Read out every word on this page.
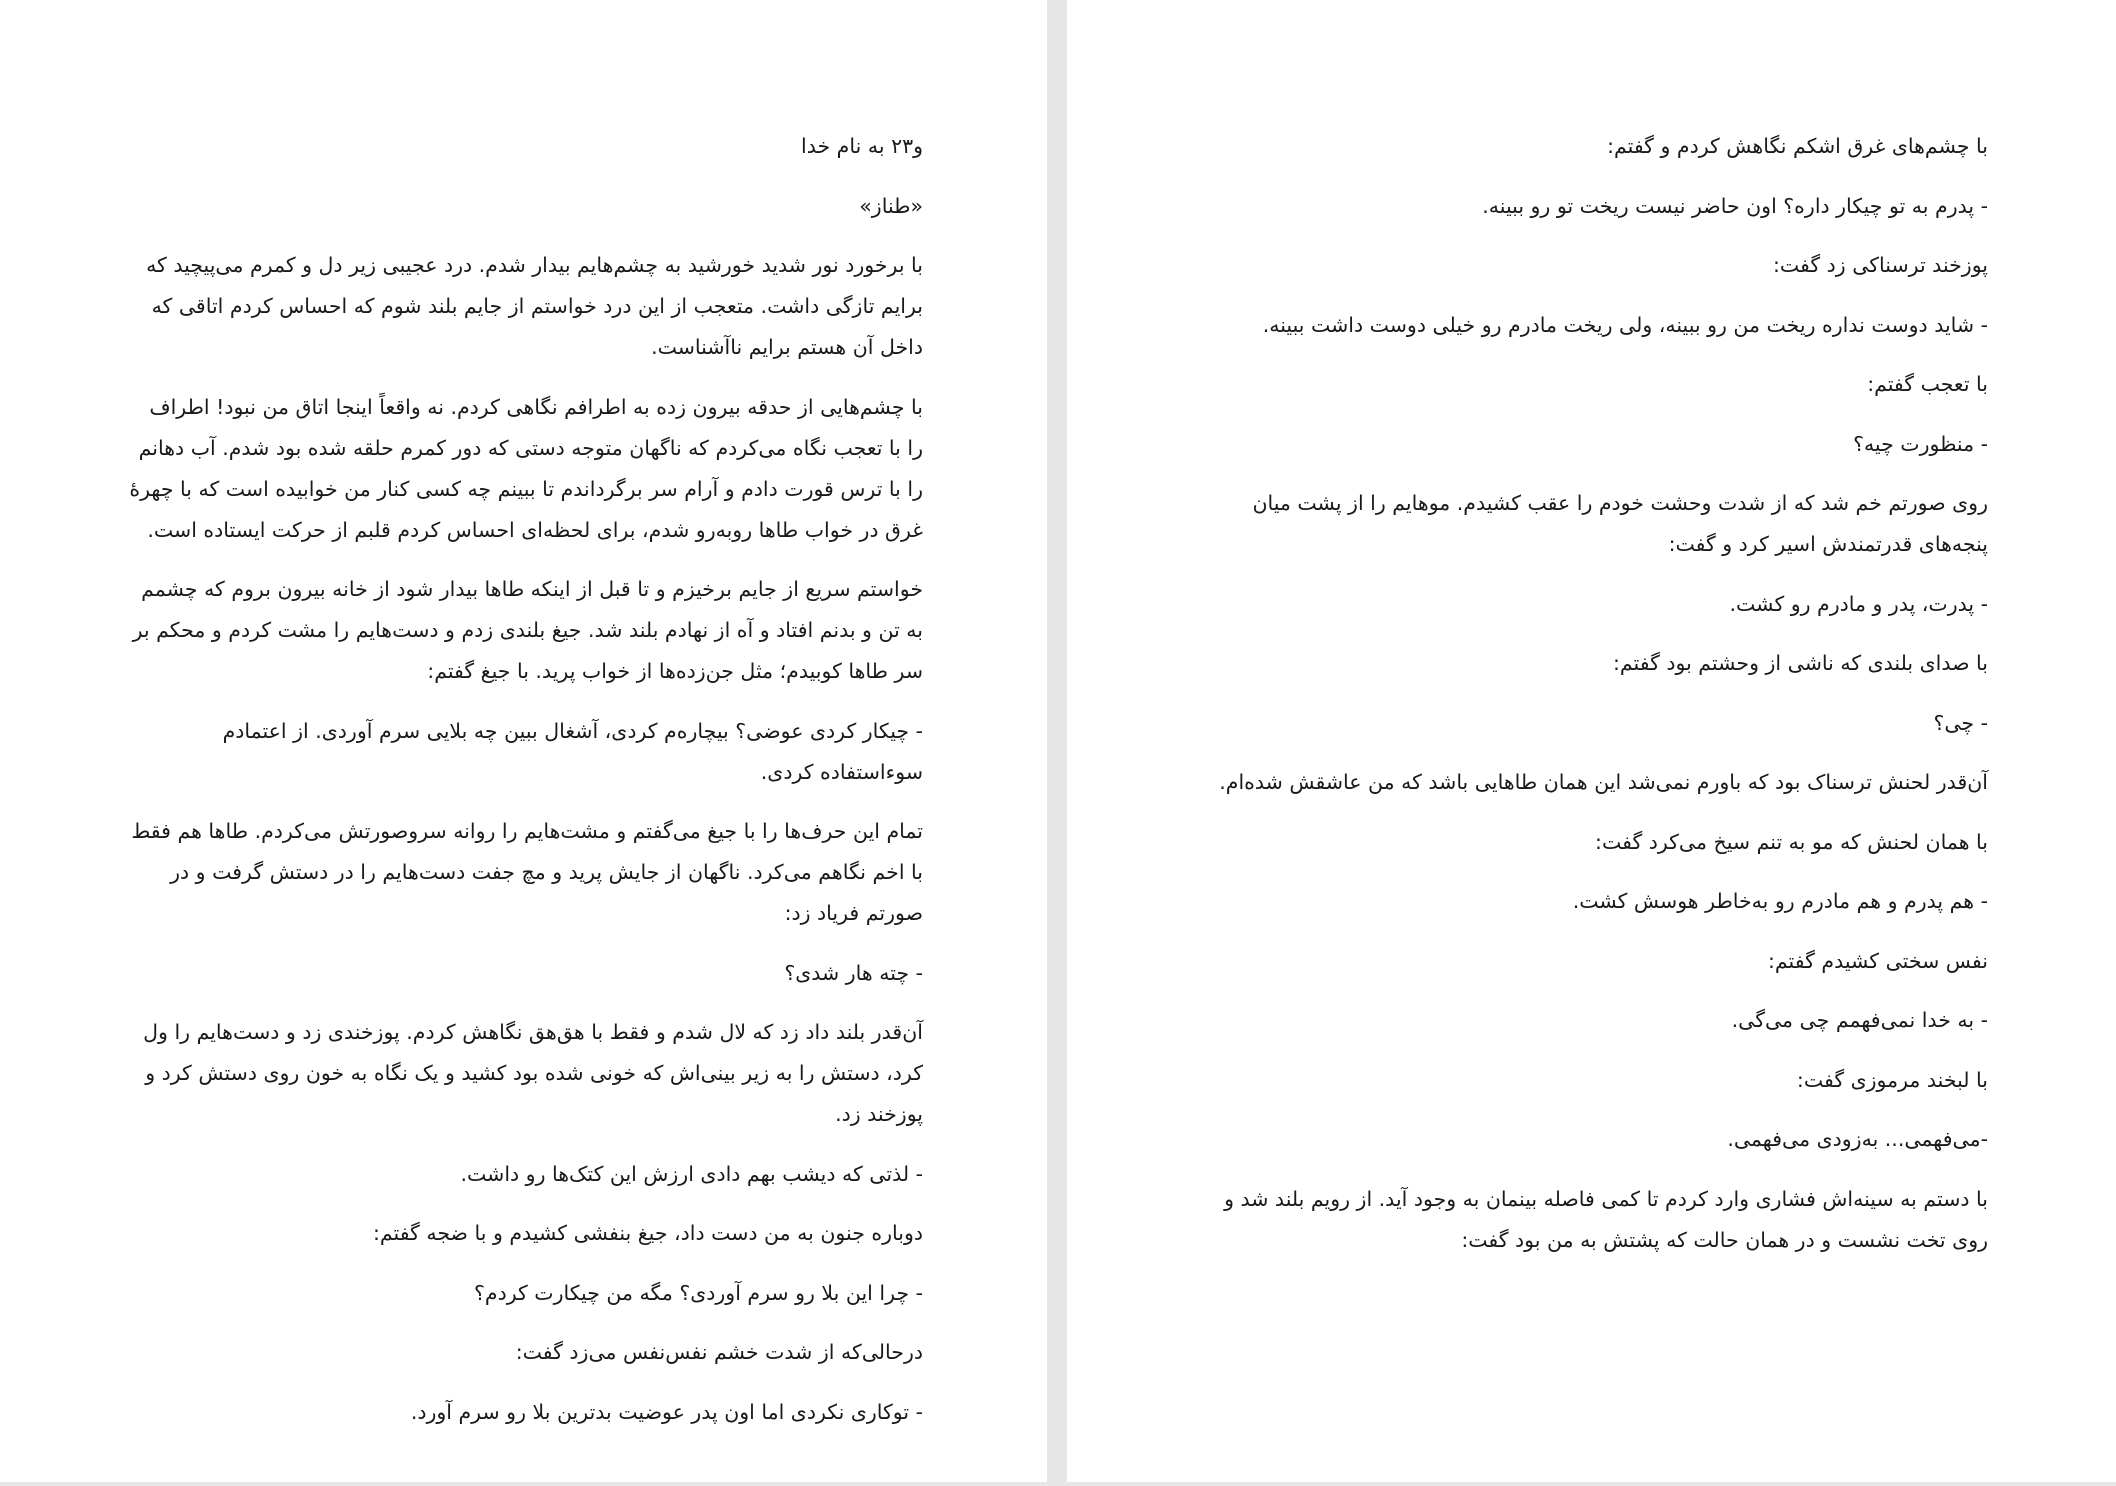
و۲۳ به نام خدا

«طناز»

با برخورد نور شدید خورشید به چشم‌هایم بیدار شدم. درد عجیبی زیر دل و کمرم می‌پیچید که برایم تازگی داشت. متعجب از این درد خواستم از جایم بلند شوم که احساس کردم اتاقی که داخل آن هستم برایم ناآشناست.

با چشم‌هایی از حدقه بیرون زده به اطرافم نگاهی کردم. نه واقعاً اینجا اتاق من نبود! اطراف را با تعجب نگاه می‌کردم که ناگهان متوجه دستی که دور کمرم حلقه شده بود شدم. آب دهانم را با ترس قورت دادم و آرام سر برگرداندم تا ببینم چه کسی کنار من خوابیده است که با چهرهٔ غرق در خواب طاها روبه‌رو شدم، برای لحظه‌ای احساس کردم قلبم از حرکت ایستاده است.

خواستم سریع از جایم برخیزم و تا قبل از اینکه طاها بیدار شود از خانه بیرون بروم که چشمم به تن و بدنم افتاد و آه از نهادم بلند شد. جیغ بلندی زدم و دست‌هایم را مشت کردم و محکم بر سر طاها کوبیدم؛ مثل جن‌زده‌ها از خواب پرید. با جیغ گفتم:

- چیکار کردی عوضی؟ بیچاره‌م کردی، آشغال ببین چه بلایی سرم آوردی. از اعتمادم سوءاستفاده کردی.

تمام این حرف‌ها را با جیغ می‌گفتم و مشت‌هایم را روانه سروصورتش می‌کردم. طاها هم فقط با اخم نگاهم می‌کرد. ناگهان از جایش پرید و مچ جفت دست‌هایم را در دستش گرفت و در صورتم فریاد زد:

- چته هار شدی؟

آن‌قدر بلند داد زد که لال شدم و فقط با هق‌هق نگاهش کردم. پوزخندی زد و دست‌هایم را ول کرد، دستش را به زیر بینی‌اش که خونی شده بود کشید و یک نگاه به خون روی دستش کرد و پوزخند زد.

- لذتی که دیشب بهم دادی ارزش این کتک‌ها رو داشت.

دوباره جنون به من دست داد، جیغ بنفشی کشیدم و با ضجه گفتم:

- چرا این بلا رو سرم آوردی؟ مگه من چیکارت کردم؟

درحالی‌که از شدت خشم نفس‌نفس می‌زد گفت:

- توکاری نکردی اما اون پدر عوضیت بدترین بلا رو سرم آورد.

با چشم‌های غرق اشکم نگاهش کردم و گفتم:

- پدرم به تو چیکار داره؟ اون حاضر نیست ریخت تو رو ببینه.

پوزخند ترسناکی زد گفت:

- شاید دوست نداره ریخت من رو ببینه، ولی ریخت مادرم رو خیلی دوست داشت ببینه.

با تعجب گفتم:

- منظورت چیه؟

روی صورتم خم شد که از شدت وحشت خودم را عقب کشیدم. موهایم را از پشت میان پنجه‌های قدرتمندش اسیر کرد و گفت:

- پدرت، پدر و مادرم رو کشت.

با صدای بلندی که ناشی از وحشتم بود گفتم:

- چی؟

آن‌قدر لحنش ترسناک بود که باورم نمی‌شد این همان طاهایی باشد که من عاشقش شده‌ام.

با همان لحنش که مو به تنم سیخ می‌کرد گفت:

- هم پدرم و هم مادرم رو به‌خاطر هوسش کشت.

نفس سختی کشیدم گفتم:

- به خدا نمی‌فهمم چی می‌گی.

با لبخند مرموزی گفت:

-می‌فهمی... به‌زودی می‌فهمی.

با دستم به سینه‌اش فشاری وارد کردم تا کمی فاصله بینمان به وجود آید. از رویم بلند شد و روی تخت نشست و در همان حالت که پشتش به من بود گفت:
